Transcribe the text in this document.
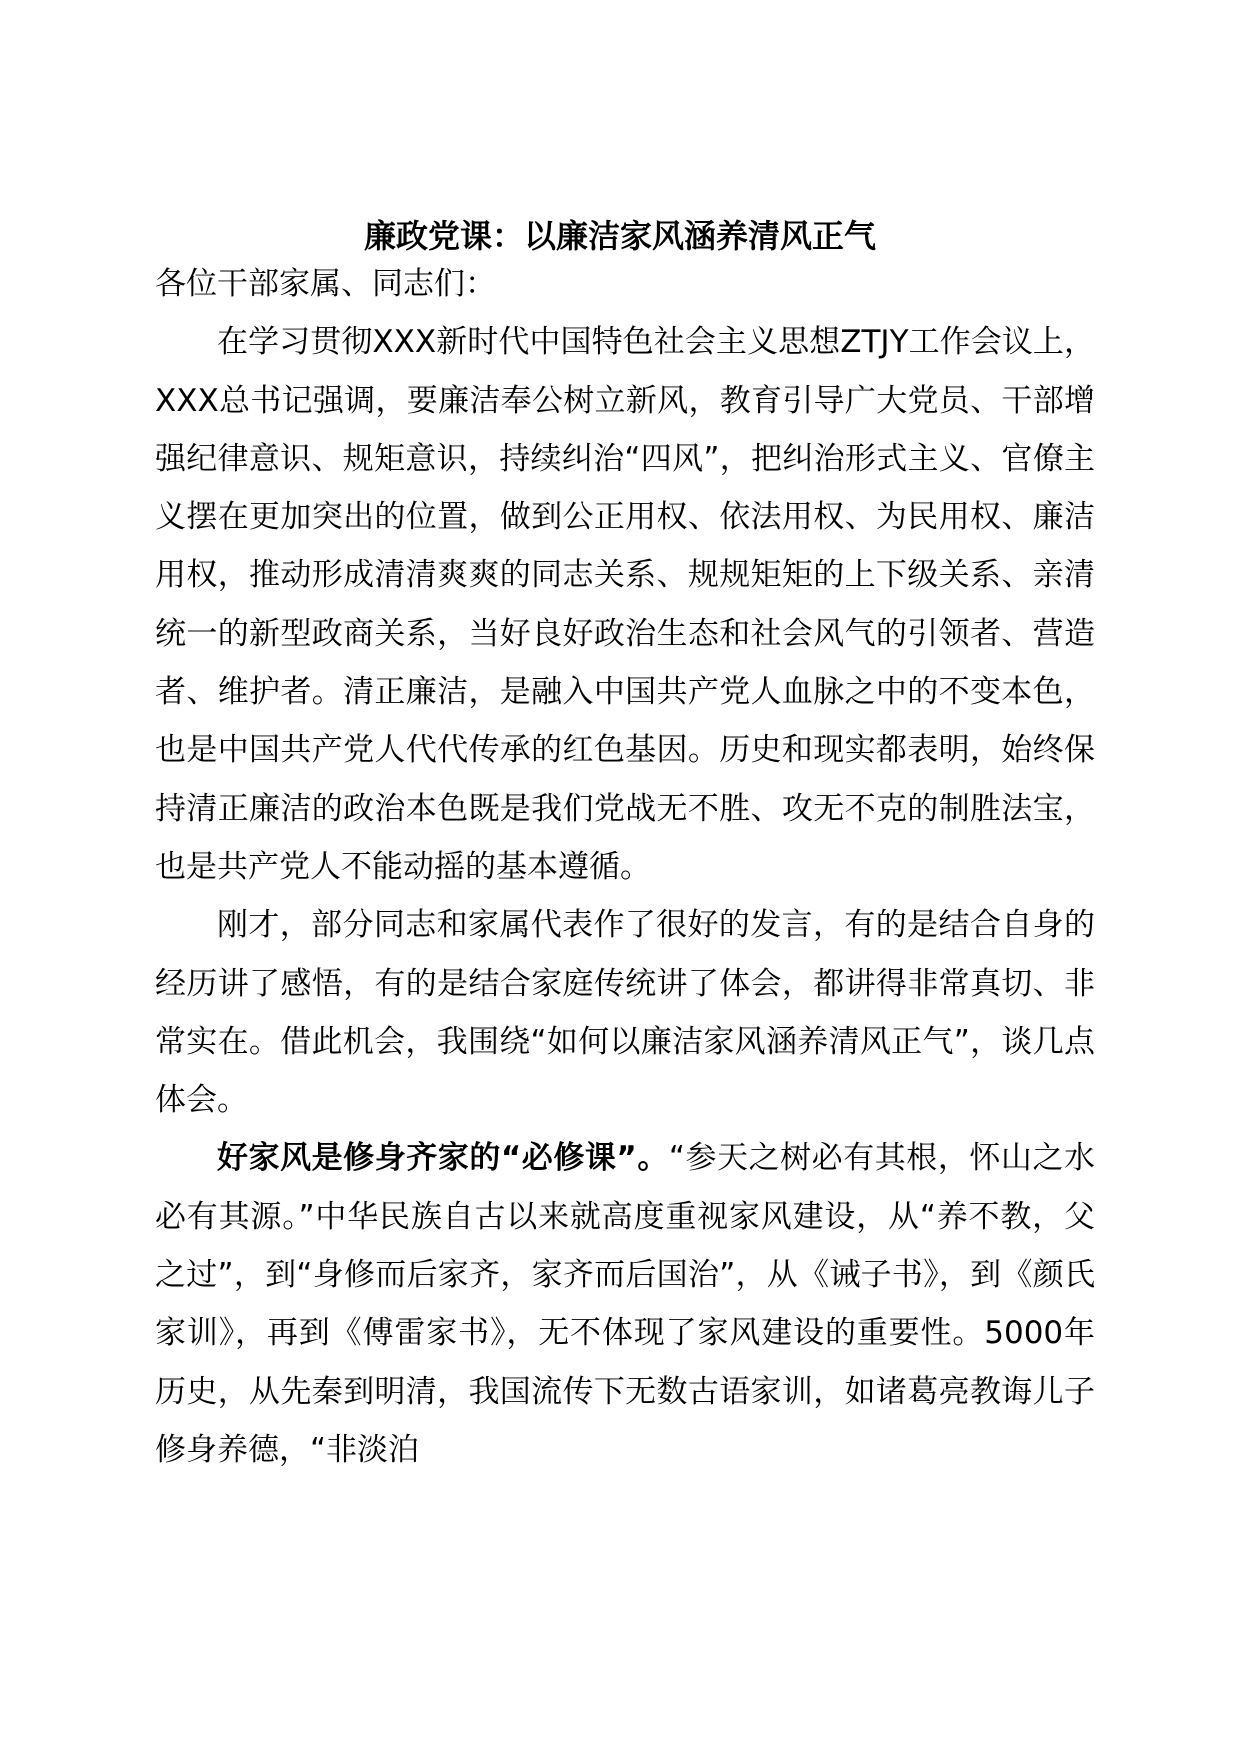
廉政党课：以廉洁家风涵养清风正气

各位干部家属、同志们：

在学习贯彻XXX新时代中国特色社会主义思想ZTJY工作会议上，XXX总书记强调，要廉洁奉公树立新风，教育引导广大党员、干部增强纪律意识、规矩意识，持续纠治“四风”，把纠治形式主义、官僚主义摆在更加突出的位置，做到公正用权、依法用权、为民用权、廉洁用权，推动形成清清爽爽的同志关系、规规矩矩的上下级关系、亲清统一的新型政商关系，当好良好政治生态和社会风气的引领者、营造者、维护者。清正廉洁，是融入中国共产党人血脉之中的不变本色，也是中国共产党人代代传承的红色基因。历史和现实都表明，始终保持清正廉洁的政治本色既是我们党战无不胜、攻无不克的制胜法宝，也是共产党人不能动摇的基本遵循。

刚才，部分同志和家属代表作了很好的发言，有的是结合自身的经历讲了感悟，有的是结合家庭传统讲了体会，都讲得非常真切、非常实在。借此机会，我围绕“如何以廉洁家风涵养清风正气”，谈几点体会。

好家风是修身齐家的“必修课”。“参天之树必有其根，怀山之水必有其源。”中华民族自古以来就高度重视家风建设，从“养不教，父之过”，到“身修而后家齐，家齐而后国治”，从《诫子书》，到《颜氏家训》，再到《傅雷家书》，无不体现了家风建设的重要性。5000年历史，从先秦到明清，我国流传下无数古语家训，如诸葛亮教诲儿子修身养德，“非淡泊
